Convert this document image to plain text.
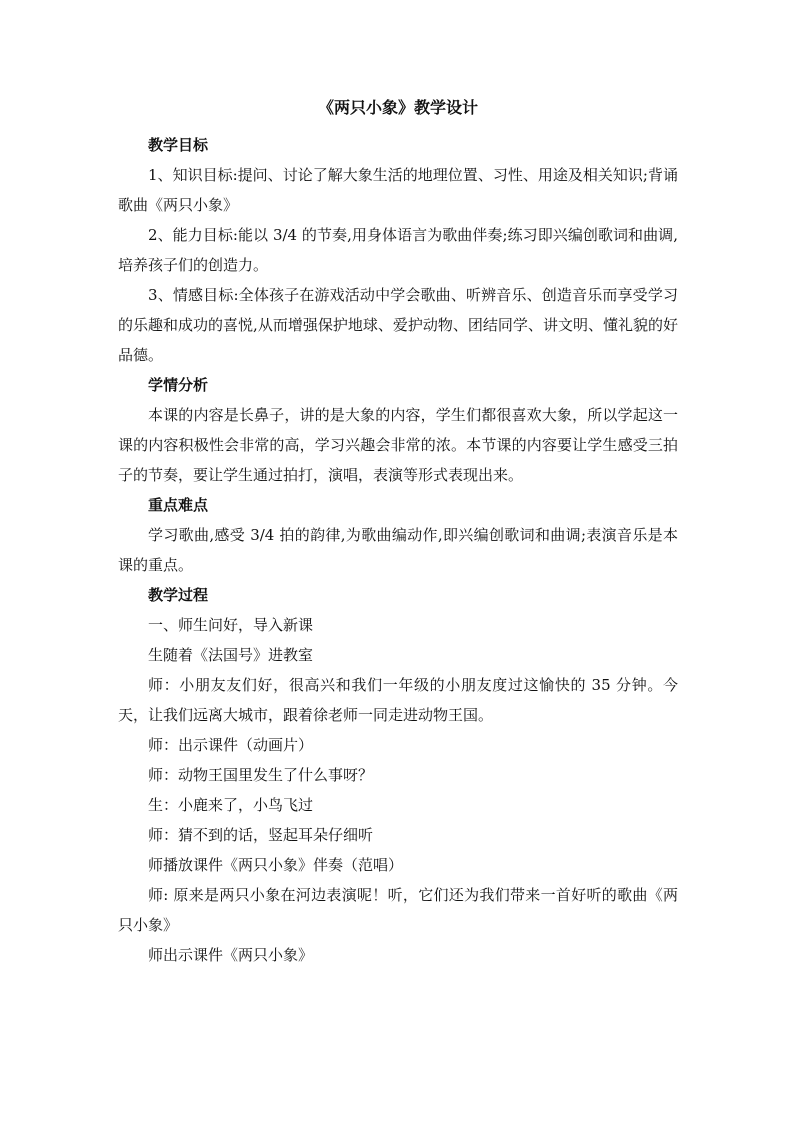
《两只小象》教学设计
教学目标

1、知识目标:提问、讨论了解大象生活的地理位置、习性、用途及相关知识;背诵歌曲《两只小象》

2、能力目标:能以 3/4 的节奏,用身体语言为歌曲伴奏;练习即兴编创歌词和曲调,培养孩子们的创造力。

3、情感目标:全体孩子在游戏活动中学会歌曲、听辨音乐、创造音乐而享受学习的乐趣和成功的喜悦,从而增强保护地球、爱护动物、团结同学、讲文明、懂礼貌的好品德。

学情分析

本课的内容是长鼻子，讲的是大象的内容，学生们都很喜欢大象，所以学起这一课的内容积极性会非常的高，学习兴趣会非常的浓。本节课的内容要让学生感受三拍子的节奏，要让学生通过拍打，演唱，表演等形式表现出来。

重点难点

学习歌曲,感受 3/4 拍的韵律,为歌曲编动作,即兴编创歌词和曲调;表演音乐是本课的重点。

教学过程

一、师生问好，导入新课

生随着《法国号》进教室

师：小朋友友们好，很高兴和我们一年级的小朋友度过这愉快的 35 分钟。今天，让我们远离大城市，跟着徐老师一同走进动物王国。

师：出示课件（动画片）

师：动物王国里发生了什么事呀？

生：小鹿来了，小鸟飞过

师：猜不到的话，竖起耳朵仔细听

师播放课件《两只小象》伴奏（范唱）

师: 原来是两只小象在河边表演呢！听，它们还为我们带来一首好听的歌曲《两只小象》

师出示课件《两只小象》
